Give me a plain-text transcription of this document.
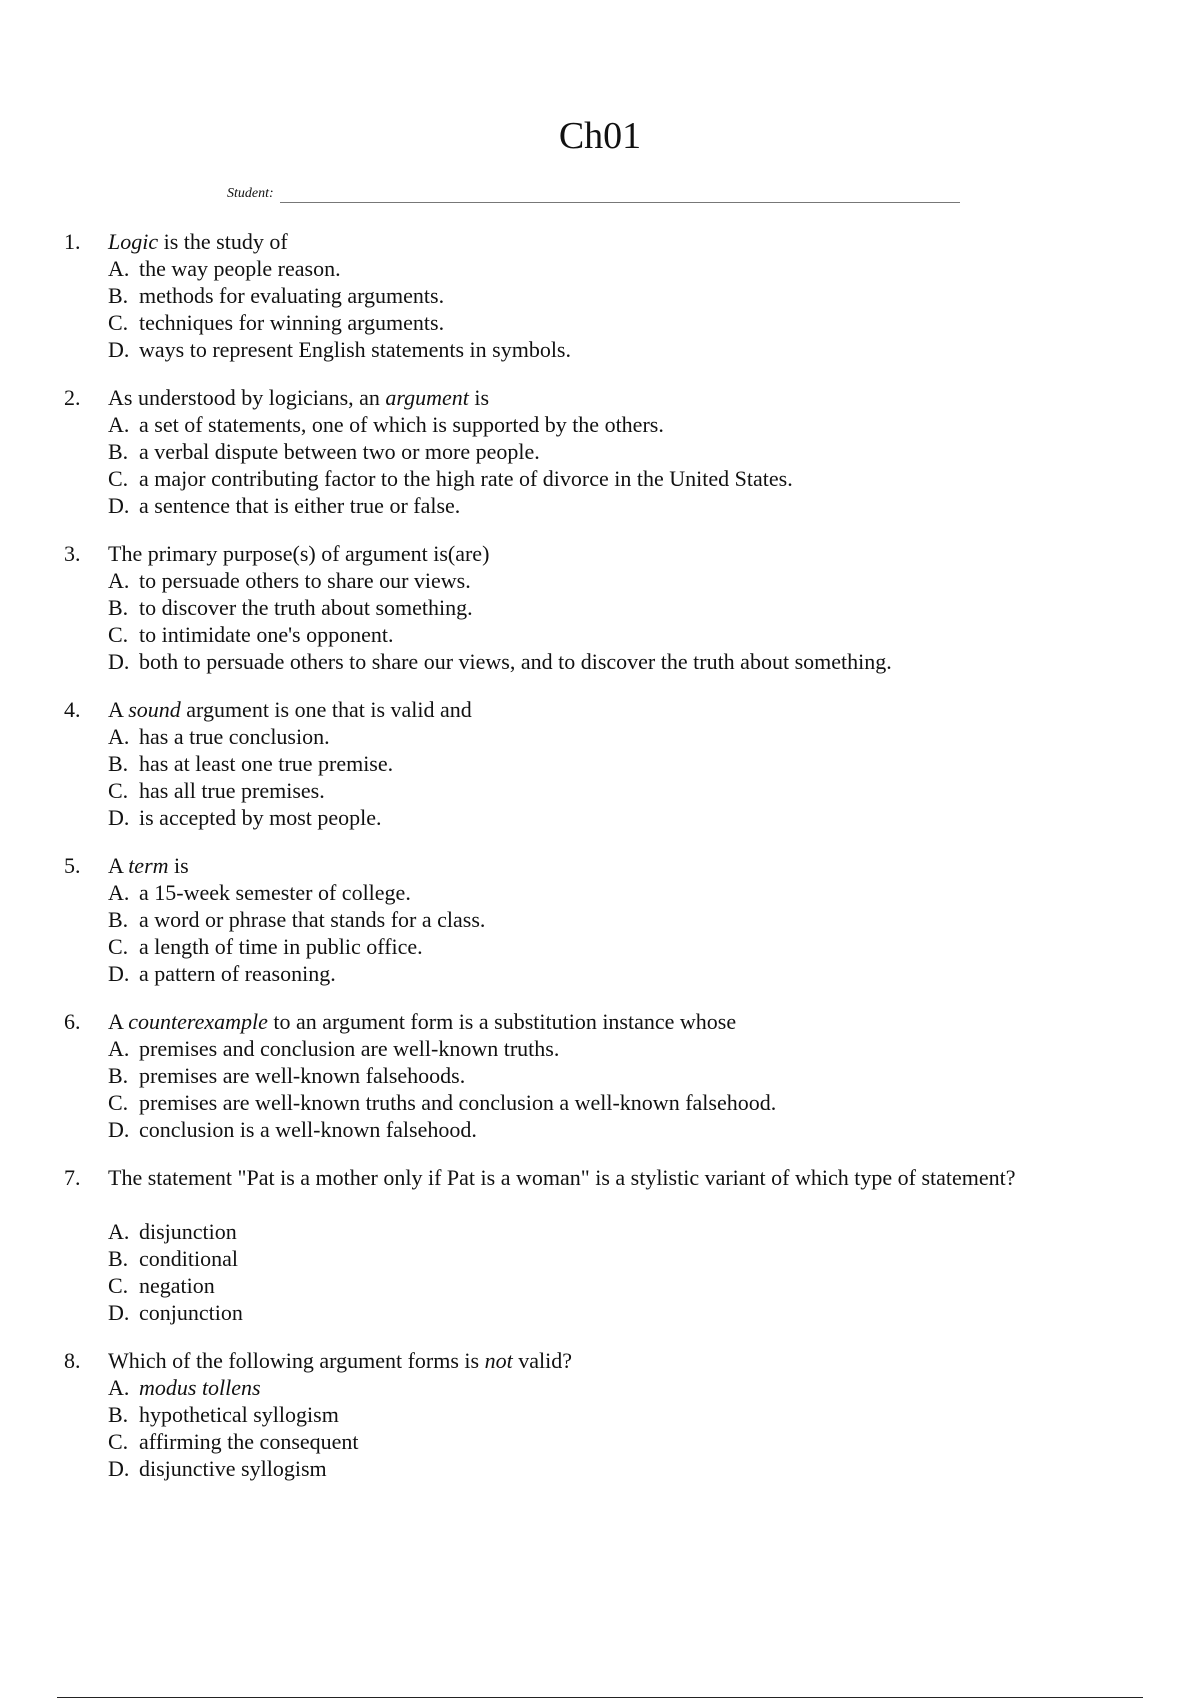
Ch01
Student:
1.	Logic is the study of
A. the way people reason.
B. methods for evaluating arguments.
C. techniques for winning arguments.
D. ways to represent English statements in symbols.
2.	As understood by logicians, an argument is
A. a set of statements, one of which is supported by the others.
B. a verbal dispute between two or more people.
C. a major contributing factor to the high rate of divorce in the United States.
D. a sentence that is either true or false.
3.	The primary purpose(s) of argument is(are)
A. to persuade others to share our views.
B. to discover the truth about something.
C. to intimidate one's opponent.
D. both to persuade others to share our views, and to discover the truth about something.
4.	A sound argument is one that is valid and
A. has a true conclusion.
B. has at least one true premise.
C. has all true premises.
D. is accepted by most people.
5.	A term is
A. a 15-week semester of college.
B. a word or phrase that stands for a class.
C. a length of time in public office.
D. a pattern of reasoning.
6.	A counterexample to an argument form is a substitution instance whose
A. premises and conclusion are well-known truths.
B. premises are well-known falsehoods.
C. premises are well-known truths and conclusion a well-known falsehood.
D. conclusion is a well-known falsehood.
7.	The statement "Pat is a mother only if Pat is a woman" is a stylistic variant of which type of statement?
A. disjunction
B. conditional
C. negation
D. conjunction
8.	Which of the following argument forms is not valid?
A. modus tollens
B. hypothetical syllogism
C. affirming the consequent
D. disjunctive syllogism
